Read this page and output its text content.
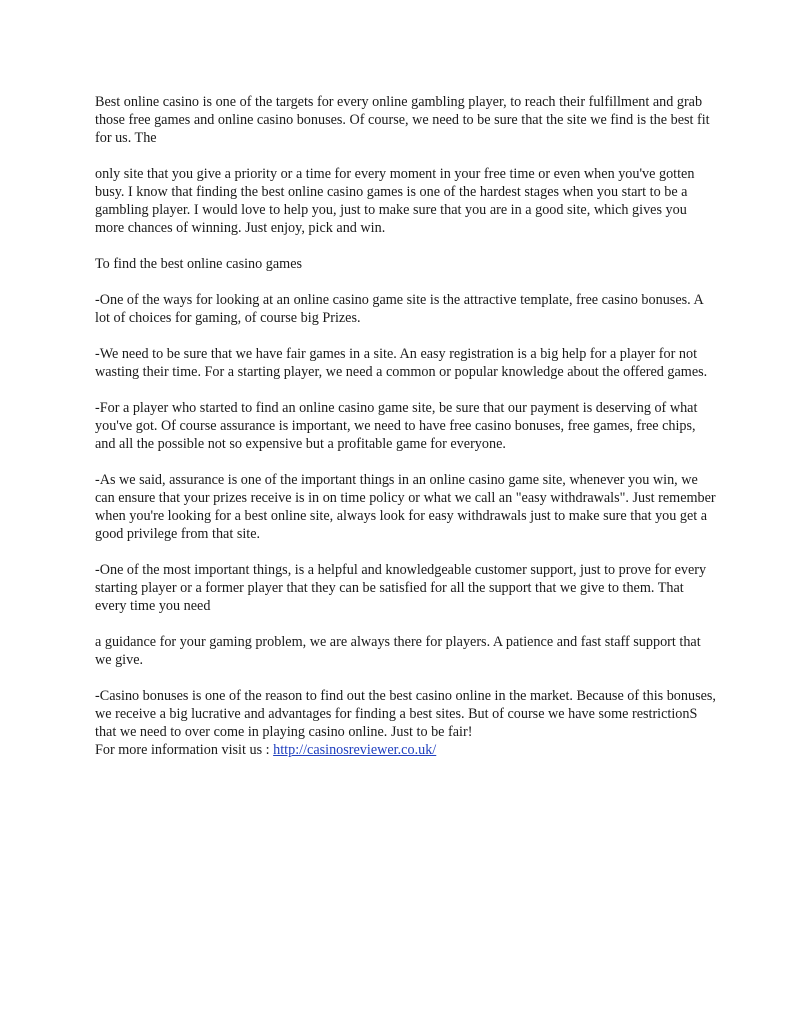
Best online casino is one of the targets for every online gambling player, to reach their fulfillment and grab those free games and online casino bonuses. Of course, we need to be sure that the site we find is the best fit for us. The

only site that you give a priority or a time for every moment in your free time or even when you've gotten busy. I know that finding the best online casino games is one of the hardest stages when you start to be a gambling player. I would love to help you, just to make sure that you are in a good site, which gives you more chances of winning. Just enjoy, pick and win.

To find the best online casino games

-One of the ways for looking at an online casino game site is the attractive template, free casino bonuses. A lot of choices for gaming, of course big Prizes.

-We need to be sure that we have fair games in a site. An easy registration is a big help for a player for not wasting their time. For a starting player, we need a common or popular knowledge about the offered games.

-For a player who started to find an online casino game site, be sure that our payment is deserving of what you've got. Of course assurance is important, we need to have free casino bonuses, free games, free chips, and all the possible not so expensive but a profitable game for everyone.

-As we said, assurance is one of the important things in an online casino game site, whenever you win, we can ensure that your prizes receive is in on time policy or what we call an "easy withdrawals". Just remember when you're looking for a best online site, always look for easy withdrawals just to make sure that you get a good privilege from that site.

-One of the most important things, is a helpful and knowledgeable customer support, just to prove for every starting player or a former player that they can be satisfied for all the support that we give to them. That every time you need

a guidance for your gaming problem, we are always there for players. A patience and fast staff support that we give.

-Casino bonuses is one of the reason to find out the best casino online in the market. Because of this bonuses, we receive a big lucrative and advantages for finding a best sites. But of course we have some restrictionS that we need to over come in playing casino online. Just to be fair!

For more information visit us : http://casinosreviewer.co.uk/
